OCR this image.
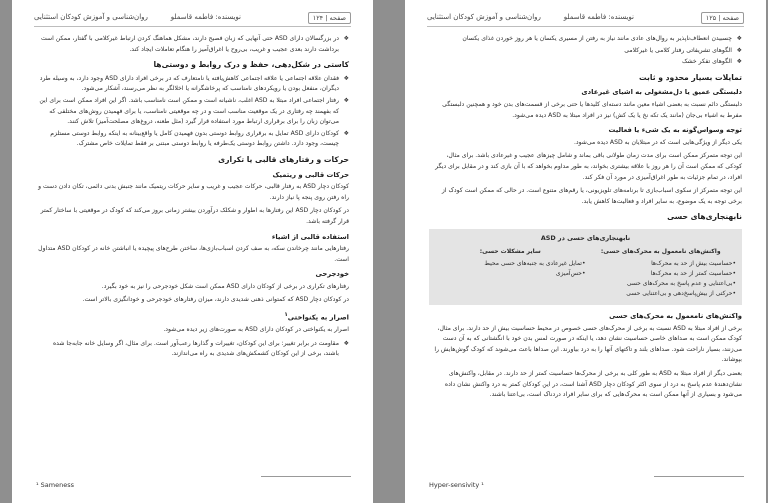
صفحه | ۱۲۴
نویسنده: فاطمه قاسملو
روان‌شناسی و آموزش کودکان استثنایی
❖ در بزرگسالان دارای ASD حتی آنهایی که زبان فصیح دارند، مشکل هماهنگ کردن ارتباط غیرکلامی با گفتار، ممکن است برداشت دارند بعدی عجیب و غریب، بی‌روح یا اغراق‌آمیز را هنگام تعاملات ایجاد کند.
کاستی در شکل‌دهی، حفظ و درک روابط و دوستی‌ها
❖ فقدان علاقه اجتماعی یا علاقه اجتماعی کاهش‌یافته یا نامتعارف که در برخی افراد دارای ASD وجود دارد، به وسیله طرد دیگران، منفعل بودن یا رویکردهای نامناسب که پرخاشگرانه یا اخلالگر به نظر می‌رسند، آشکار می‌شود.
❖ رفتار اجتماعی افراد مبتلا به ASD اغلب، ناشیانه است و ممکن است نامناسب باشد. اگر این افراد ممکن است برای این که بفهمند چه رفتاری در یک موقعیت مناسب است و در چه موقعیتی نامناسب، یا برای فهمیدن روش‌های مختلفی که می‌توان زبان را برای برقراری ارتباط مورد استفاده قرار گیرد (مثل طعنه، دروغ‌های مصلحت‌آمیز) تلاش کنند.
❖ کودکان دارای ASD تمایل به برقراری روابط دوستی بدون فهمیدن کامل یا واقع‌بینانه به اینکه روابط دوستی مستلزم چیست، وجود دارد. داشتن روابط دوستی یک‌طرفه یا روابط دوستی مبتنی بر فقط تمایلات خاص مشترک.
حرکات و رفتارهای قالبی یا تکراری
حرکات قالبی و ریتمیک

کودکان دچار ASD به رفتار قالبی، حرکات عجیب و غریب و سایر حرکات ریتمیک مانند جنبش بدنی دائمی، تکان دادن دست و راه رفتن روی پنجه پا نیاز دارند.

در کودکان دچار ASD این رفتارها به اطوار و شکلک درآوردن بیشتر زمانی بروز می‌کند که کودک در موقعیتی با ساختار کمتر قرار گرفته باشد.

استفاده قالبی از اشیاء

رفتارهایی مانند چرخاندن سکه، به صف کردن اسباب‌بازی‌ها، ساختن طرح‌های پیچیده یا انباشتن خانه در کودکان ASD متداول است.

خودجرحی

رفتارهای تکراری در برخی از کودکان دارای ASD ممکن است شکل خودجرحی را نیز به خود بگیرد.

در کودکان دچار ASD که کمتوانی ذهنی شدیدی دارند، میزان رفتارهای خودجرحی و خودانگیزی بالاتر است.

اصرار به یکنواختی$^۱$

اصرار به یکنواختی در کودکان دارای ASD به صورت‌های زیر دیده می‌شود.

❖ مقاومت در برابر تغییر: برای این کودکان، تغییرات و گذارها رعب‌آور است. برای مثال، اگر وسایل خانه جابه‌جا شده باشند، برخی از این کودکان کشمکش‌های شدیدی به راه می‌اندازند.
¹ Sameness
صفحه | ۱۲۵
نویسنده: فاطمه قاسملو
روان‌شناسی و آموزش کودکان استثنایی
❖ چسبیدن انعطاف‌ناپذیر به روال‌های عادی مانند نیاز به رفتن از مسیری یکسان یا هر روز خوردن غذای یکسان
❖ الگوهای تشریفاتی رفتار کلامی یا غیرکلامی
❖ الگوهای تفکر خشک
تمایلات بسیار محدود و ثابت
دلبستگی عمیق یا دل‌مشغولی به اشیای غیرعادی

دلبستگی دائم نسبت به بعضی اشیاء معین مانند دسته‌ای کلیدها یا حتی برخی از قسمت‌های بدن خود و همچنین دلبستگی مفرط به اشیاء بی‌جان (مانند یک تکه نخ یا یک کش) نیز در افراد مبتلا به ASD دیده می‌شود.

توجه وسواس‌گونه به یک شیء یا فعالیت

یکی دیگر از ویژگی‌هایی است که در مبتلایان به ASD دیده می‌شود.

این توجه متمرکز ممکن است برای مدت زمان طولانی باقی بماند و شامل چیزهای عجیب و غیرعادی باشد. برای مثال، کودکی که ممکن است آن را هر روز با علاقه بیشتری بخواند، به طور مداوم بخواهد که با آن بازی کند و در مقابل برای دیگر افراد، در تمام جزئیات به طور اغراق‌آمیزی در مورد آن فکر کند.

این توجه متمرکز از سکوی اسباب‌بازی تا برنامه‌های تلویزیونی، یا رقم‌های متنوع است. در حالی که ممکن است کودک از برخی توجه به یک موضوع، به سایر افراد و فعالیت‌ها کاهش یابد.

نابهنجاری‌های حسی
نابهنجاری‌های حسی در ASD
واکنش‌های نامعمول به محرک‌های حسی:
•حساسیت بیش از حد به محرک‌ها
•حساسیت کمتر از حد به محرک‌ها
•بی‌اعتنایی و عدم پاسخ به محرک‌های حسی
•حرکتی از بیش‌پاسخ‌دهی و بی‌اعتنایی حسی
سایر مشکلات حسی:
•تمایل غیرعادی به جنبه‌های حسی محیط
•حس‌آمیزی
واکنش‌های نامعمول به محرک‌های حسی

برخی از افراد مبتلا به ASD نسبت به برخی از محرک‌های حسی خصوص در محیط حساسیت بیش از حد دارند. برای مثال، کودک ممکن است به صداهای خاصی حساسیت نشان دهد، یا اینکه در صورت لمس بدن خود با انگشتانی که به آن دست می‌زنند، بسیار ناراحت شود. صداهای بلند و تاکتهای آنها را به درد بیاورند. این صداها باعث می‌شوند که کودک گوش‌هایش را بپوشاند.

بعضی دیگر از افراد مبتلا به ASD به طور کلی به برخی از محرک‌ها حساسیت کمتر از حد دارند. در مقابل، واکنش‌های نشان‌دهندهٔ عدم پاسخ به درد از سوی اکثر کودکان دچار ASD آشنا است، در این کودکان کمتر به درد واکنش نشان داده می‌شود و بسیاری از آنها ممکن است به محرک‌هایی که برای سایر افراد دردناک است، بی‌اعتنا باشند.

Hyper-sensivity ¹
